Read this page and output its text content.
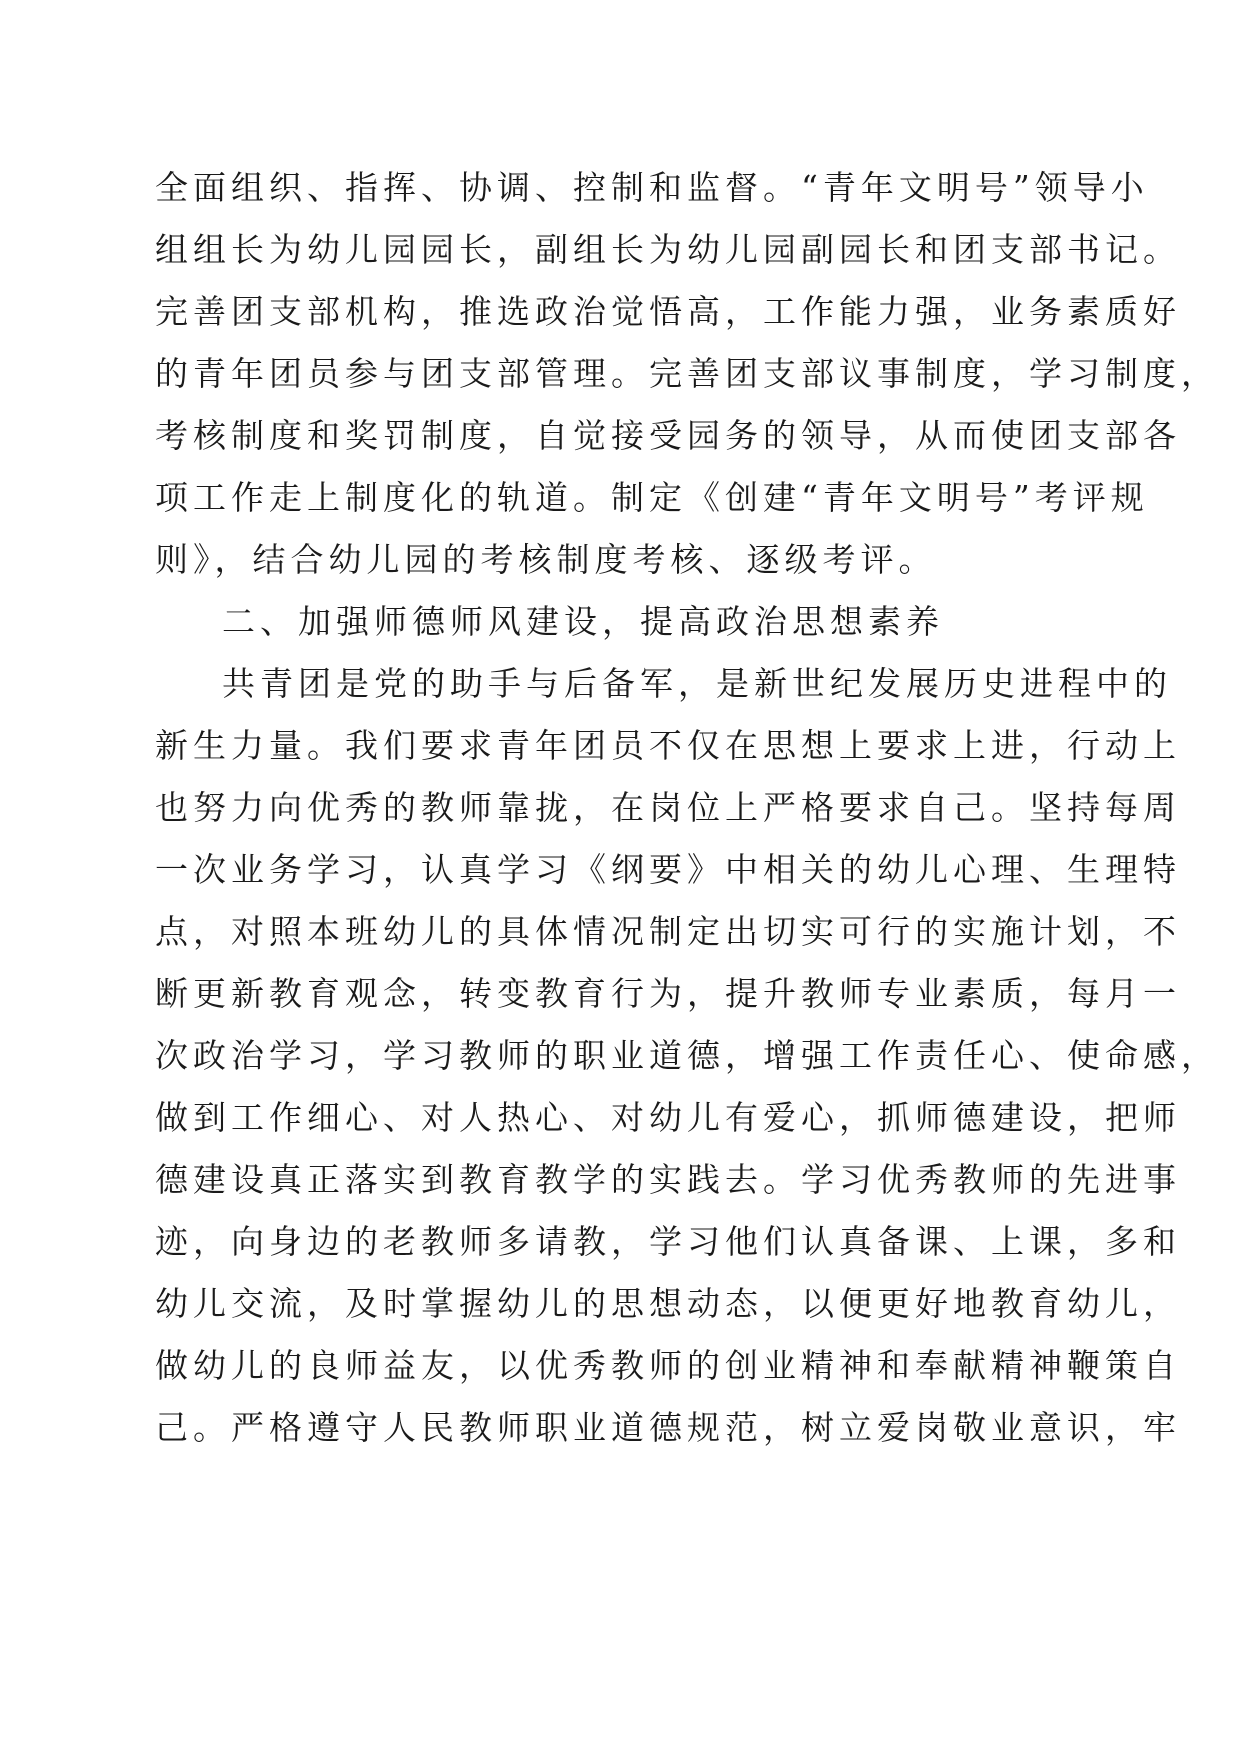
全面组织、指挥、协调、控制和监督。“青年文明号”领导小
组组长为幼儿园园长，副组长为幼儿园副园长和团支部书记。
完善团支部机构，推选政治觉悟高，工作能力强，业务素质好
的青年团员参与团支部管理。完善团支部议事制度，学习制度，
考核制度和奖罚制度，自觉接受园务的领导，从而使团支部各
项工作走上制度化的轨道。制定《创建“青年文明号”考评规
则》，结合幼儿园的考核制度考核、逐级考评。
二、加强师德师风建设，提高政治思想素养
共青团是党的助手与后备军，是新世纪发展历史进程中的
新生力量。我们要求青年团员不仅在思想上要求上进，行动上
也努力向优秀的教师靠拢，在岗位上严格要求自己。坚持每周
一次业务学习，认真学习《纲要》中相关的幼儿心理、生理特
点，对照本班幼儿的具体情况制定出切实可行的实施计划，不
断更新教育观念，转变教育行为，提升教师专业素质，每月一
次政治学习，学习教师的职业道德，增强工作责任心、使命感，
做到工作细心、对人热心、对幼儿有爱心，抓师德建设，把师
德建设真正落实到教育教学的实践去。学习优秀教师的先进事
迹，向身边的老教师多请教，学习他们认真备课、上课，多和
幼儿交流，及时掌握幼儿的思想动态，以便更好地教育幼儿，
做幼儿的良师益友，以优秀教师的创业精神和奉献精神鞭策自
己。严格遵守人民教师职业道德规范，树立爱岗敬业意识，牢
